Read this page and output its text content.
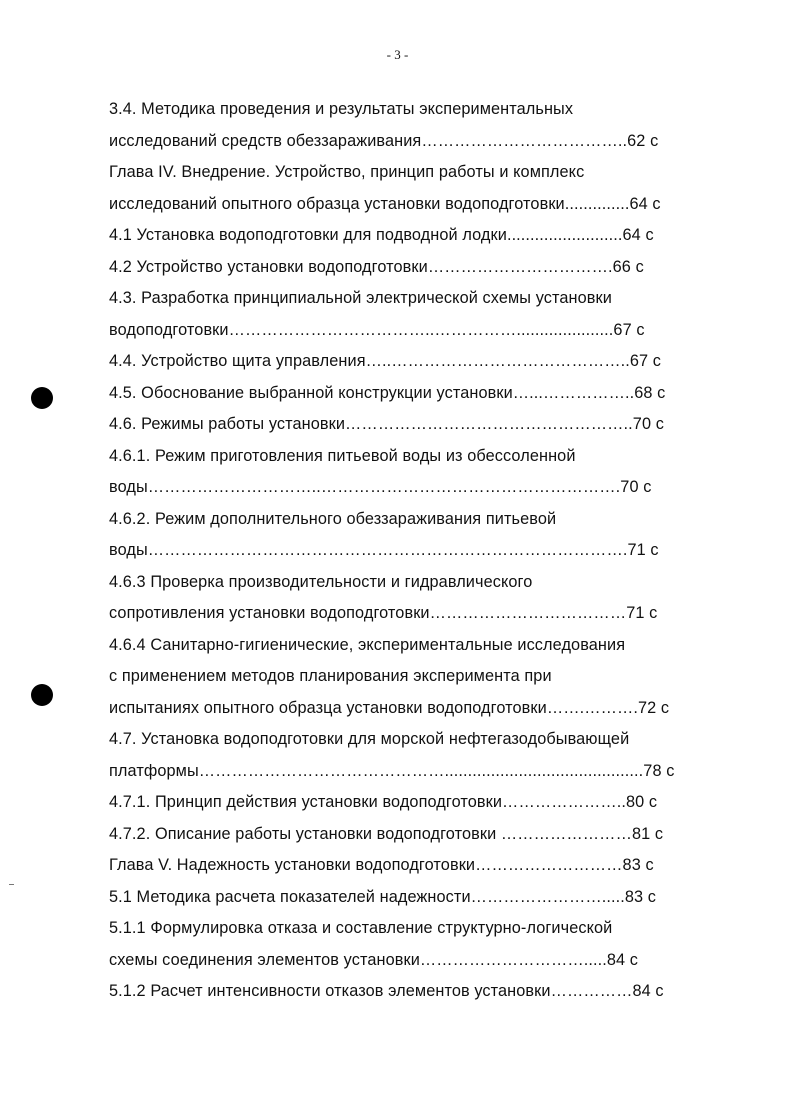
- 3 -
3.4. Методика проведения и результаты экспериментальных
исследований средств обеззараживания………………………………..62 с
Глава IV. Внедрение. Устройство, принцип работы и комплекс
исследований опытного образца установки водоподготовки..............64 с
4.1 Установка водоподготовки для подводной лодки.........................64 с
4.2 Устройство установки водоподготовки…………………………….66 с
4.3. Разработка принципиальной электрической схемы установки
водоподготовки………………………………..…………….....................67 с
4.4. Устройство щита управления…..……………………………………..67 с
4.5. Обоснование выбранной конструкции установки…...……………..68 с
4.6. Режимы работы установки……………………………………………..70 с
4.6.1. Режим приготовления питьевой воды из обессоленной
воды…………………………..……………………………………………….70 с
4.6.2. Режим дополнительного обеззараживания питьевой
воды…………………………………………………………………………….71 с
4.6.3 Проверка производительности и гидравлического
сопротивления установки водоподготовки………………………………71 с
4.6.4 Санитарно-гигиенические, экспериментальные исследования
с применением методов планирования эксперимента при
испытаниях опытного образца установки водоподготовки…….……….72 с
4.7. Установка водоподготовки для морской нефтегазодобывающей
платформы………………………………………...........................................78 с
4.7.1. Принцип действия установки водоподготовки…………………..80 с
4.7.2. Описание работы установки водоподготовки ……………………81 с
Глава V. Надежность установки водоподготовки………………………83 с
5.1 Методика расчета показателей надежности…………………….....83 с
5.1.1 Формулировка отказа и составление структурно-логической
схемы соединения элементов установки………………………….....84 с
5.1.2 Расчет интенсивности отказов элементов установки……………84 с
